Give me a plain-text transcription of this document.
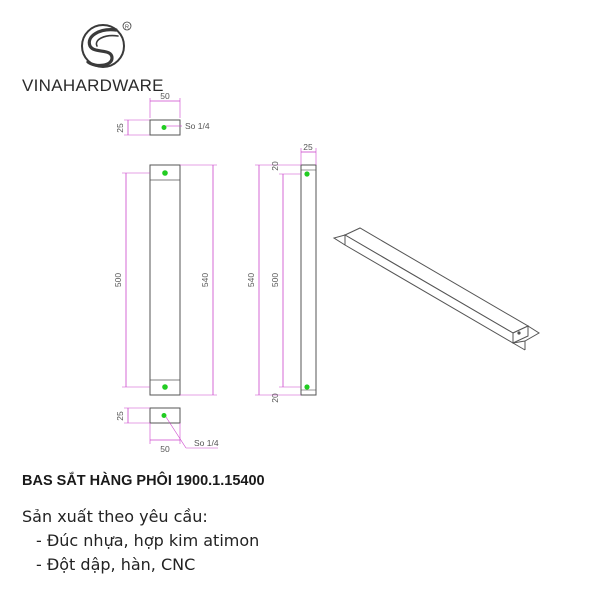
R
50
25	So 1/4
500	540
25
50
So 1/4
25
540 500
20
20
VINAHARDWARE
BAS SẮT HÀNG PHÔI 1900.1.15400
Sản xuất theo yêu cầu:
- Đúc nhựa, hợp kim atimon
- Đột dập, hàn, CNC
